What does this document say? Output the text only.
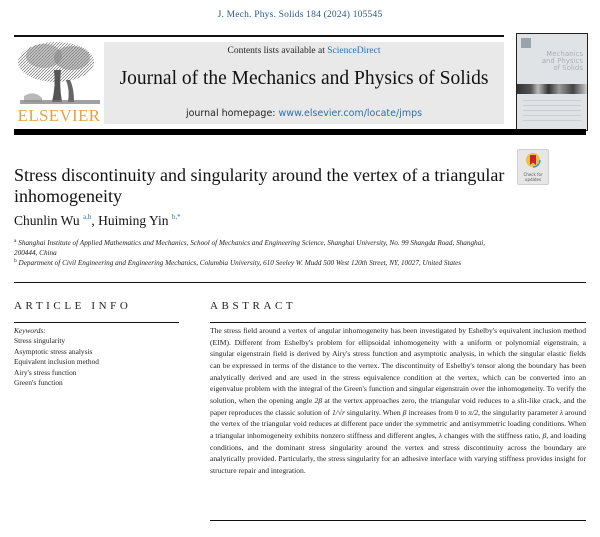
J. Mech. Phys. Solids 184 (2024) 105545
ELSEVIER
Contents lists available at ScienceDirect
Journal of the Mechanics and Physics of Solids
journal homepage: www.elsevier.com/locate/jmps
Mechanics
and Physics
of Solids
Check for updates
Stress discontinuity and singularity around the vertex of a triangular inhomogeneity
Chunlin Wu $^{a,b}$, Huiming Yin $^{b,*}$
$^a$ Shanghai Institute of Applied Mathematics and Mechanics, School of Mechanics and Engineering Science, Shanghai University, No. 99 Shangda Road, Shanghai, 200444, China
$^b$ Department of Civil Engineering and Engineering Mechanics, Columbia University, 610 Seeley W. Mudd 500 West 120th Street, NY, 10027, United States
ARTICLE INFO	ABSTRACT
Keywords:
Stress singularity
Asymptotic stress analysis
Equivalent inclusion method
Airy's stress function
Green's function
The stress field around a vertex of angular inhomogeneity has been investigated by Eshelby's equivalent inclusion method (EIM). Different from Eshelby's problem for ellipsoidal inhomogeneity with a uniform or polynomial eigenstrain, a singular eigenstrain field is derived by Airy's stress function and asymptotic analysis, in which the singular elastic fields can be expressed in terms of the distance to the vertex. The discontinuity of Eshelby's tensor along the boundary has been analytically derived and are used in the stress equivalence condition at the vertex, which can be converted into an eigenvalue problem with the integral of the Green's function and singular eigenstrain over the inhomogeneity. To verify the solution, when the opening angle 2β at the vertex approaches zero, the triangular void reduces to a slit-like crack, and the paper reproduces the classic solution of 1/√r singularity. When β increases from 0 to π/2, the singularity parameter λ around the vertex of the triangular void reduces at different pace under the symmetric and antisymmetric loading conditions. When a triangular inhomogeneity exhibits nonzero stiffness and different angles, λ changes with the stiffness ratio, β, and loading conditions, and the dominant stress singularity around the vertex and stress discontinuity across the boundary are analytically provided. Particularly, the stress singularity for an adhesive interface with varying stiffness provides insight for structure repair and integration.
